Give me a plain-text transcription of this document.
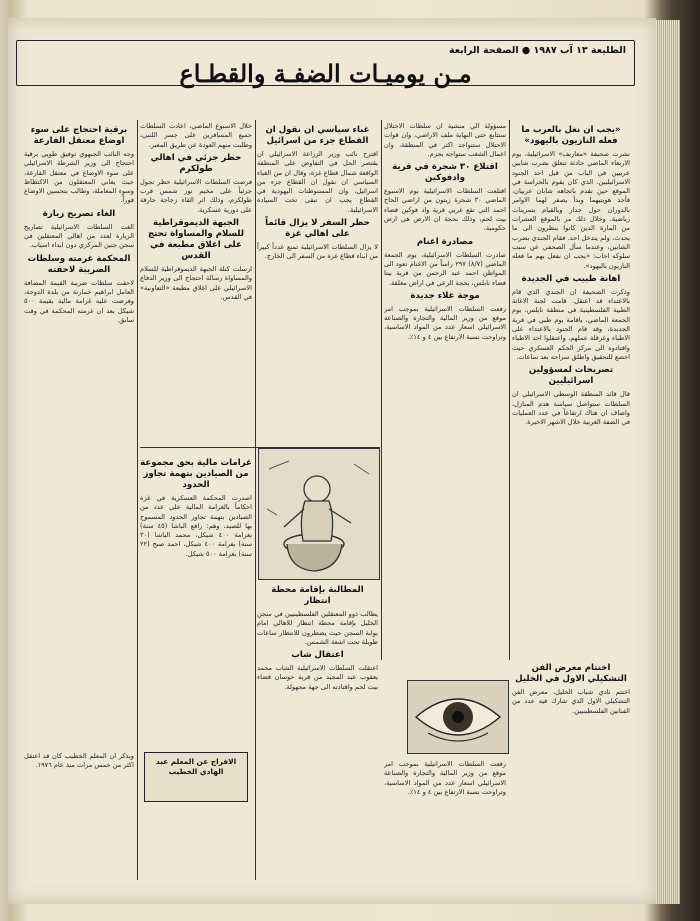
الطليعة ١٣ آب ١٩٨٧ ● الصفحة الرابعة
مـن يوميـات الضفـة والقطـاع
«يجب ان نغل بالعرب ما فعله النازيون باليهود»

نشرت صحيفة «معاريف» الاسرائيلية، يوم الاربعاء الماضي حادثة تتعلق بضرب شابين عربيين في الباب من قبل احد الجنود الاسرائيليين. الذي كان يقوم بالحراسة في الموقع حين تقدم باتجاهه شابان عربيان، فأخذ هويتيهما وبدأ يصفر لهما الاوامر بالدوران حول جدار وبالقيام بتمرينات رياضية. وخلال ذلك مر بالموقع العشرات من المارة الذين كانوا ينظرون الى ما يحدث، ولم يتدخل احد. فقام الجندي بضرب الشابين، وعندما سأل الصحفي عن سبب سلوكه اجاب: «يجب ان نفعل بهم ما فعله النازيون باليهود».

اهانة طبيب في الجديدة

وذكرت الصحيفة ان الجندي الذي قام بالاعتداء قد اعتقل. قامت لجنة الاغاثة الطبية الفلسطينية في منطقة نابلس، يوم الجمعة الماضي، باقامة يوم طبي في قرية الجديدة، وقد قام الجنود بالاعتداء على الاطباء وعرقلة عملهم، واعتقلوا احد الاطباء واقتادوه الى مركز الحكم العسكري حيث اخضع للتحقيق واطلق سراحه بعد ساعات.

تصريحات لمسؤولين اسرائيليين

قال قائد المنطقة الوسطى الاسرائيلي ان السلطات ستواصل سياسة هدم المنازل، واضاف ان هناك ارتفاعاً في عدد العمليات في الضفة الغربية خلال الاشهر الاخيرة.

مسؤولة الي منشية ان سلطات الاحتلال ستتابع حتى النهاية ملف الاراضي، وان قوات الاحتلال ستتواجد اكثر في المنطقة، وان اعمال الشغب ستواجه بحزم.

اقتلاع ٣٠ شجرة في قرية وادفوكين

اقتلعت السلطات الاسرائيلية يوم الاسبوع الماضي ٣٠ شجرة زيتون من اراضي الحاج احمد التي تقع غربي قرية واد فوكين قضاء بيت لحم، وذلك بحجة ان الارض هي ارض حكومية.

مصادرة اغنام

صادرت السلطات الاسرائيلية، يوم الجمعة الماضي (٨/٧) ٢٩٧ راساً من الاغنام تعود الى المواطن احمد عبد الرحمن من قرية بيتا قضاء نابلس، بحجة الرعي في اراض مغلقة.

موجة غلاء جديدة

رفعت السلطات الاسرائيلية بموجب امر موقع من وزير المالية والتجارة والصناعة الاسرائيلي اسعار عدد من المواد الاساسية، وتراوحت نسبة الارتفاع بين ٤ و ١٤٪.

غباء سياسي ان نقول ان القطاع جزء من اسرائيل

اقترح نائب وزير الزراعة الاسرائيلي ان يقتصر الحل في التفاوض على المنطقة الواقعة شمال قطاع غزة، وقال ان من الغباء السياسي ان نقول ان القطاع جزء من اسرائيل، وان المستوطنات اليهودية في القطاع يجب ان تبقى تحت السيادة الاسرائيلية.

حظر السفر لا يزال قائماً على اهالي غزة

لا يزال السلطات الاسرائيلية تمنع عدداً كبيراً من ابناء قطاع غزة من السفر الى الخارج.

خلال الاسبوع الماضي، اعادت السلطات جميع المسافرين على جسر اللنبي، وطلبت منهم العودة عن طريق المعبر.

حظر جزئي في اهالي طولكرم

فرضت السلطات الاسرائيلية حظر تجول جزئياً على مخيم نور شمس قرب طولكرم، وذلك اثر القاء زجاجة حارقة على دورية عسكرية.

الجبهة الديموقراطية للسلام والمساواة تحتج على اغلاق مطبعة في القدس

ارسلت كتلة الجبهة الديموقراطية للسلام والمساواة رسالة احتجاج الى وزير الدفاع الاسرائيلي على اغلاق مطبعة «التعاونية» في القدس.

برقية احتجاج على سوء اوضاع معتقل الفارعة

وجه النائب الجبهوي توفيق طوبي برقية احتجاج الى وزير الشرطة الاسرائيلي على سوء الاوضاع في معتقل الفارعة، حيث يعاني المعتقلون من الاكتظاظ وسوء المعاملة، وطالب بتحسين الاوضاع فوراً.

الغاء تصريح زيارة

الغت السلطات الاسرائيلية تصاريح الزيارة لعدد من اهالي المعتقلين في سجن جنين المركزي دون ابداء اسباب.

المحكمة غرمته وسلطات الضريبة لاحقته

لاحقت سلطات ضريبة القيمة المضافة العامل ابراهيم خمارنة من بلدة الدوحة، وفرضت عليه غرامة مالية بقيمة ٥٠٠ شيكل بعد ان غرمته المحكمة في وقت سابق.

المطالبة بإقامة محطة انتظار

يطالب ذوو المعتقلين الفلسطينيين في سجن الخليل بإقامة محطة انتظار للاهالي امام بوابة السجن حيث يضطرون للانتظار ساعات طويلة تحت اشعة الشمس.

اعتقال شاب

اعتقلت السلطات الاسرائيلية الشاب محمد يعقوب عبد المجيد من قرية حوسان قضاء بيت لحم واقتادته الى جهة مجهولة.

غرامات مالية بحق مجموعة من الصيادين بتهمة تجاوز الحدود

اصدرت المحكمة العسكرية في غزة احكاماً بالغرامة المالية على عدد من الصيادين بتهمة تجاوز الحدود المسموح بها للصيد، وهم: رافع الباشا (٤٥ سنة) بغرامة ٤٠٠ شيكل، محمد الباشا (٣٠ سنة) بغرامة ٤٠٠ شيكل، احمد صبح (٢٢ سنة) بغرامة ٥٠٠ شيكل.

اختتام معرض الفن التشكيلي الاول في الخليل

اختتم نادي شباب الخليل، معرض الفن التشكيلي الاول الذي شارك فيه عدد من الفنانين الفلسطينيين.

رفعت السلطات الاسرائيلية بموجب امر موقع من وزير المالية والتجارة والصناعة الاسرائيلي اسعار عدد من المواد الاساسية، وتراوحت نسبة الارتفاع بين ٤ و ١٤٪.

الافراج عن المعلم عبد الهادي الخطيب

ويذكر ان المعلم الخطيب كان قد اعتقل اكثر من خمس مرات منذ عام ١٩٧٦.
